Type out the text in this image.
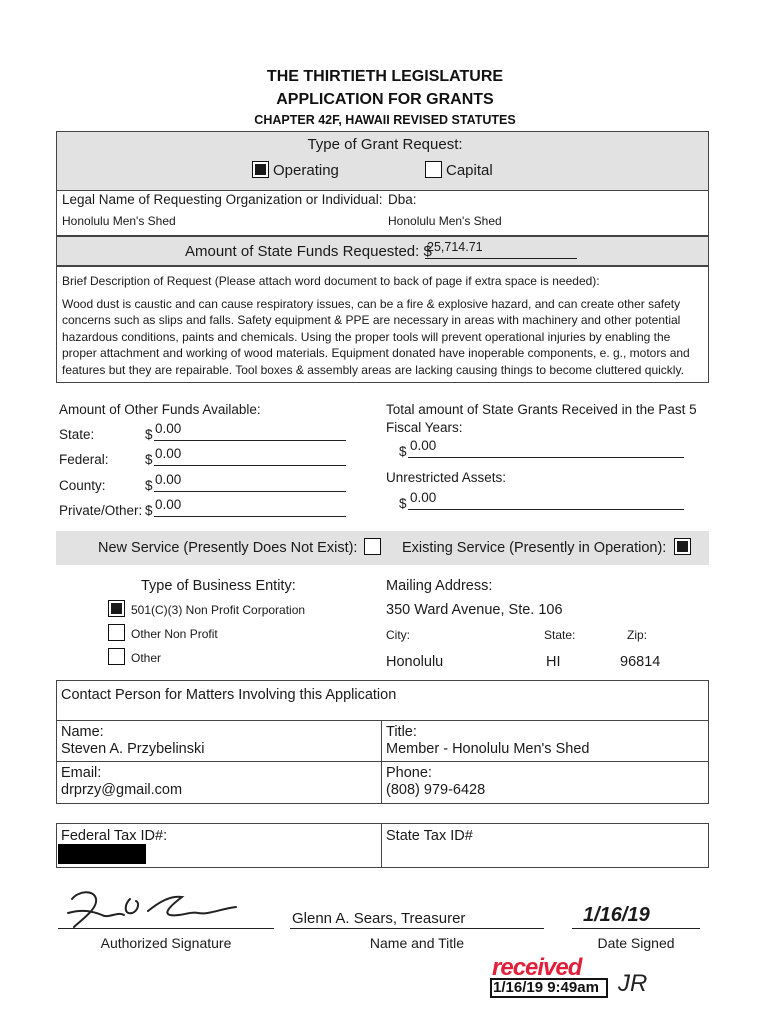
THE THIRTIETH LEGISLATURE
APPLICATION FOR GRANTS
CHAPTER 42F, HAWAII REVISED STATUTES
Type of Grant Request:
Operating	Capital
Legal Name of Requesting Organization or Individual:
Honolulu Men's Shed
Dba:
Honolulu Men's Shed
Amount of State Funds Requested: $
25,714.71
Brief Description of Request (Please attach word document to back of page if extra space is needed):
Wood dust is caustic and can cause respiratory issues, can be a fire & explosive hazard, and can create other safety concerns such as slips and falls. Safety equipment & PPE are necessary in areas with machinery and other potential hazardous conditions, paints and chemicals. Using the proper tools will prevent operational injuries by enabling the proper attachment and working of wood materials. Equipment donated have inoperable components, e. g., motors and features but they are repairable. Tool boxes & assembly areas are lacking causing things to become cluttered quickly.
Amount of Other Funds Available:
State:	$ 0.00
Federal:	$ 0.00
County:	$ 0.00
Private/Other: $ 0.00
Total amount of State Grants Received in the Past 5
Fiscal Years:
$ 0.00
Unrestricted Assets:
$ 0.00
New Service (Presently Does Not Exist):	Existing Service (Presently in Operation):
Type of Business Entity:
501(C)(3) Non Profit Corporation
Other Non Profit
Other
Mailing Address:
350 Ward Avenue, Ste. 106
City:	State:	Zip:
Honolulu	HI	96814
Contact Person for Matters Involving this Application
Name:
Steven A. Przybelinski
Title:
Member - Honolulu Men's Shed
Email:
drprzy@gmail.com
Phone:
(808) 979-6428
Federal Tax ID#:	State Tax ID#
Authorized Signature
Glenn A. Sears, Treasurer
Name and Title
1/16/19
Date Signed
received
1/16/19 9:49am JR
